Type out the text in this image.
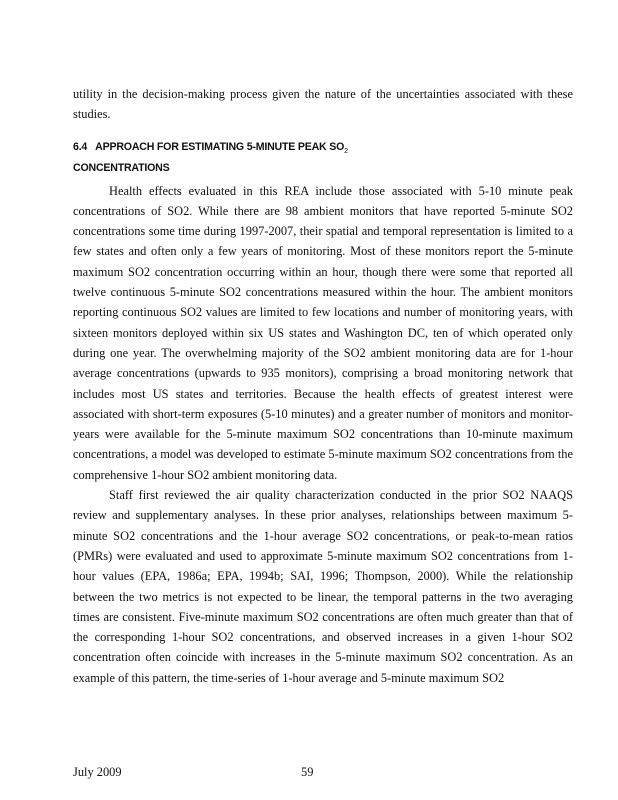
utility in the decision-making process given the nature of the uncertainties associated with these studies.

6.4 APPROACH FOR ESTIMATING 5-MINUTE PEAK $SO_2$
CONCENTRATIONS

Health effects evaluated in this REA include those associated with 5-10 minute peak concentrations of SO2. While there are 98 ambient monitors that have reported 5-minute SO2 concentrations some time during 1997-2007, their spatial and temporal representation is limited to a few states and often only a few years of monitoring. Most of these monitors report the 5-minute maximum SO2 concentration occurring within an hour, though there were some that reported all twelve continuous 5-minute SO2 concentrations measured within the hour. The ambient monitors reporting continuous SO2 values are limited to few locations and number of monitoring years, with sixteen monitors deployed within six US states and Washington DC, ten of which operated only during one year. The overwhelming majority of the SO2 ambient monitoring data are for 1-hour average concentrations (upwards to 935 monitors), comprising a broad monitoring network that includes most US states and territories. Because the health effects of greatest interest were associated with short-term exposures (5-10 minutes) and a greater number of monitors and monitor-years were available for the 5-minute maximum SO2 concentrations than 10-minute maximum concentrations, a model was developed to estimate 5-minute maximum SO2 concentrations from the comprehensive 1-hour SO2 ambient monitoring data.

Staff first reviewed the air quality characterization conducted in the prior SO2 NAAQS review and supplementary analyses. In these prior analyses, relationships between maximum 5-minute SO2 concentrations and the 1-hour average SO2 concentrations, or peak-to-mean ratios (PMRs) were evaluated and used to approximate 5-minute maximum SO2 concentrations from 1-hour values (EPA, 1986a; EPA, 1994b; SAI, 1996; Thompson, 2000). While the relationship between the two metrics is not expected to be linear, the temporal patterns in the two averaging times are consistent. Five-minute maximum SO2 concentrations are often much greater than that of the corresponding 1-hour SO2 concentrations, and observed increases in a given 1-hour SO2 concentration often coincide with increases in the 5-minute maximum SO2 concentration. As an example of this pattern, the time-series of 1-hour average and 5-minute maximum SO2

July 2009	59
